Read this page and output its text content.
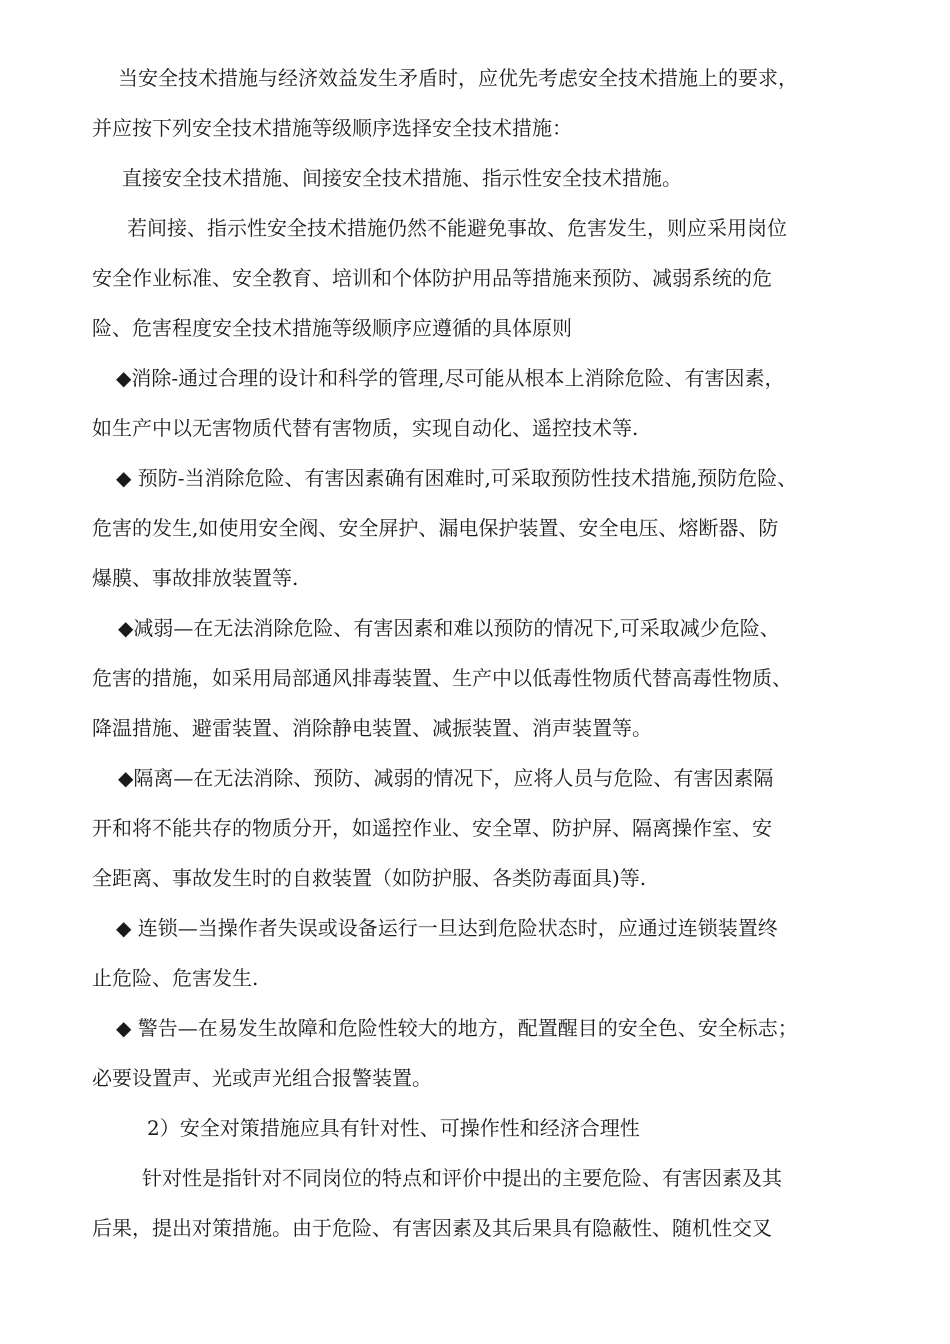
当安全技术措施与经济效益发生矛盾时，应优先考虑安全技术措施上的要求，
并应按下列安全技术措施等级顺序选择安全技术措施：
直接安全技术措施、间接安全技术措施、指示性安全技术措施。
若间接、指示性安全技术措施仍然不能避免事故、危害发生，则应采用岗位
安全作业标准、安全教育、培训和个体防护用品等措施来预防、减弱系统的危
险、危害程度安全技术措施等级顺序应遵循的具体原则
◆消除-通过合理的设计和科学的管理,尽可能从根本上消除危险、有害因素，
如生产中以无害物质代替有害物质，实现自动化、遥控技术等.
◆ 预防-当消除危险、有害因素确有困难时,可采取预防性技术措施,预防危险、
危害的发生,如使用安全阀、安全屏护、漏电保护装置、安全电压、熔断器、防
爆膜、事故排放装置等.
◆减弱—在无法消除危险、有害因素和难以预防的情况下,可采取减少危险、
危害的措施，如采用局部通风排毒装置、生产中以低毒性物质代替高毒性物质、
降温措施、避雷装置、消除静电装置、减振装置、消声装置等。
◆隔离—在无法消除、预防、减弱的情况下，应将人员与危险、有害因素隔
开和将不能共存的物质分开，如遥控作业、安全罩、防护屏、隔离操作室、安
全距离、事故发生时的自救装置（如防护服、各类防毒面具)等.
◆ 连锁—当操作者失误或设备运行一旦达到危险状态时，应通过连锁装置终
止危险、危害发生.
◆ 警告—在易发生故障和危险性较大的地方，配置醒目的安全色、安全标志；
必要设置声、光或声光组合报警装置。
2）安全对策措施应具有针对性、可操作性和经济合理性
针对性是指针对不同岗位的特点和评价中提出的主要危险、有害因素及其
后果，提出对策措施。由于危险、有害因素及其后果具有隐蔽性、随机性交叉
